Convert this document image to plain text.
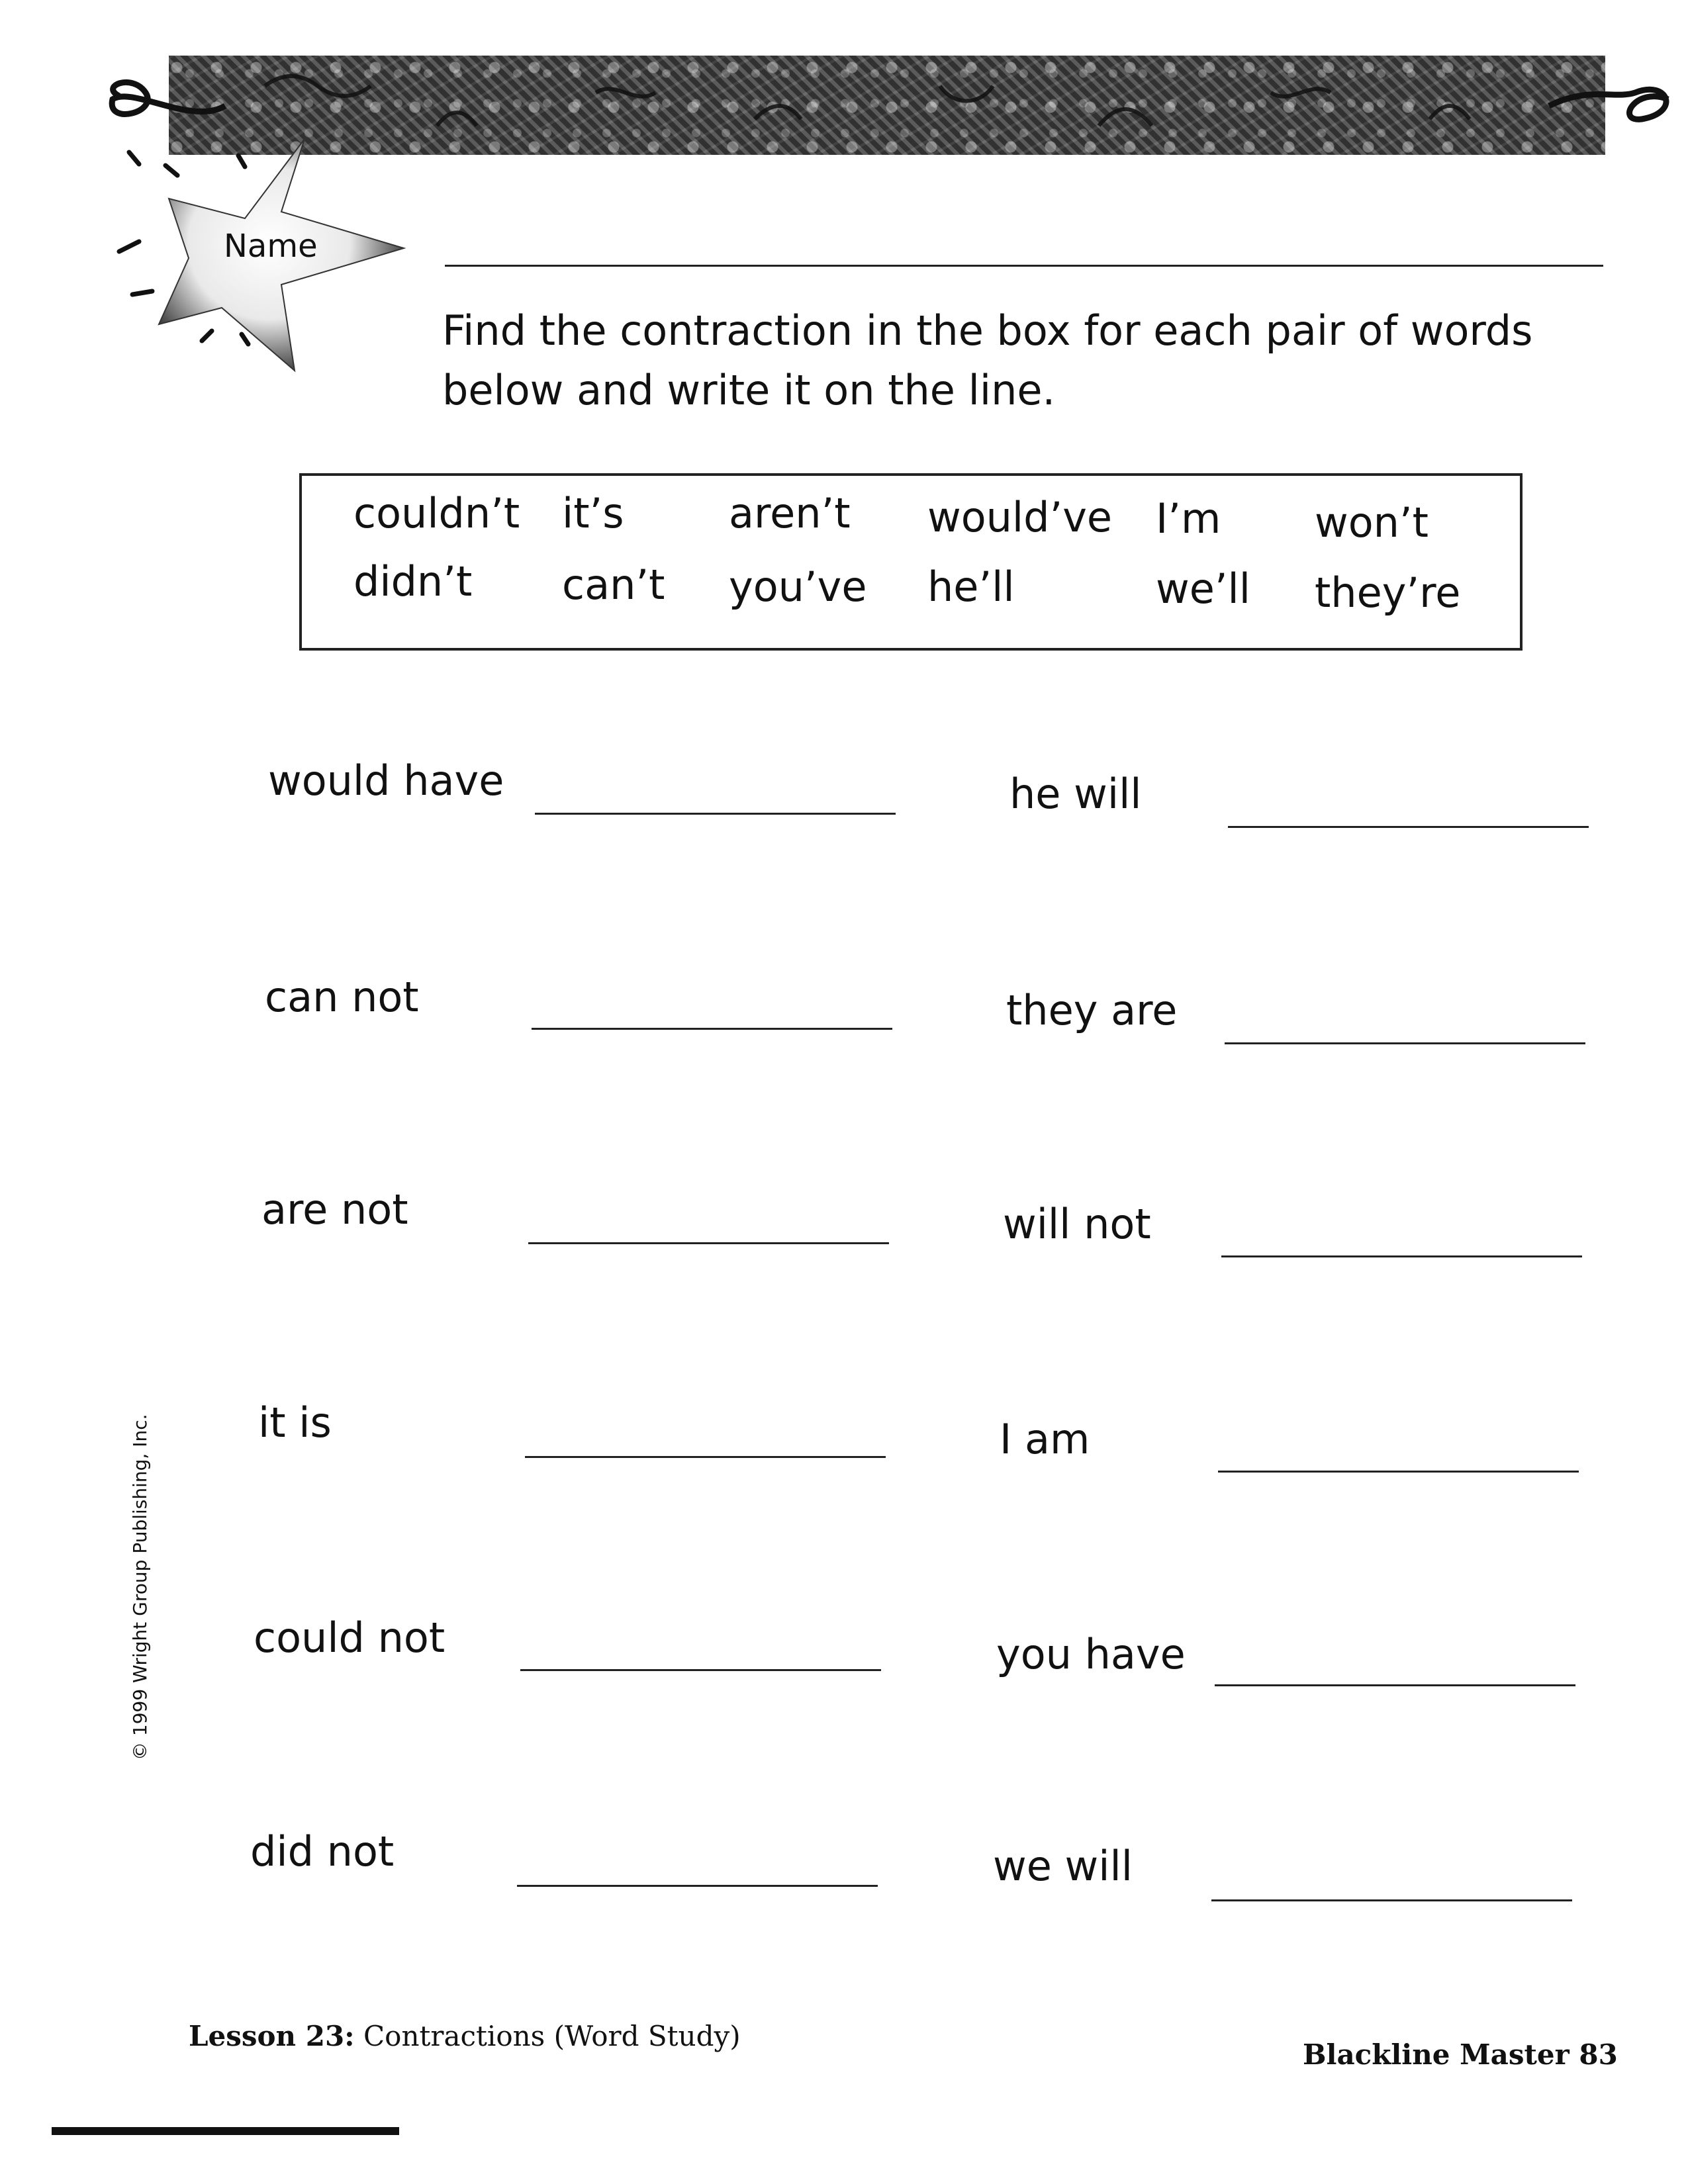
Name
Find the contraction in the box for each pair of words below and write it on the line.
couldn’t it’s	aren’t would’ve I’m won’t
didn’t can’t you’ve he’ll	we’ll they’re
would have
can not
are not
it is
could not
did not
he will
they are
will not
I am
you have
we will
© 1999 Wright Group Publishing, Inc.
Lesson 23: Contractions (Word Study)
Blackline Master 83
